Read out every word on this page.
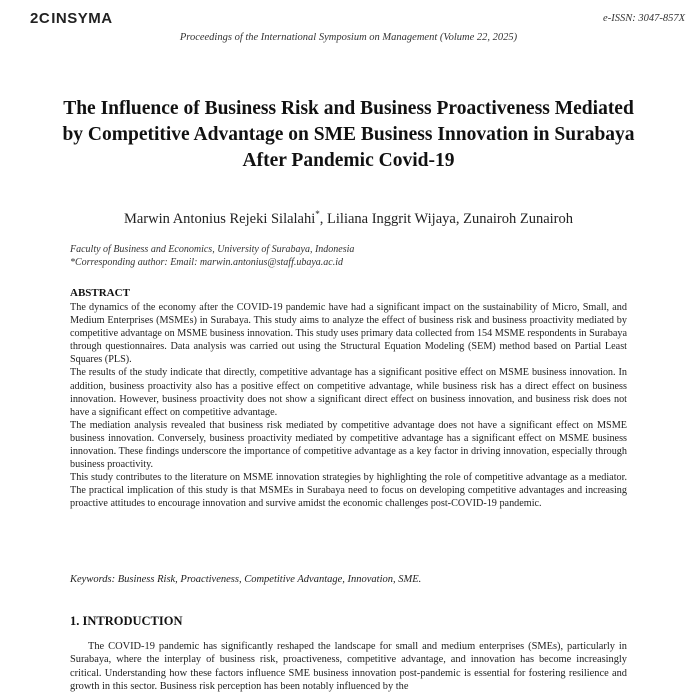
2CINSYMA	e-ISSN: 3047-857X
Proceedings of the International Symposium on Management (Volume 22, 2025)
The Influence of Business Risk and Business Proactiveness Mediated by Competitive Advantage on SME Business Innovation in Surabaya After Pandemic Covid-19
Marwin Antonius Rejeki Silalahi*, Liliana Inggrit Wijaya, Zunairoh Zunairoh
Faculty of Business and Economics, University of Surabaya, Indonesia
*Corresponding author: Email: marwin.antonius@staff.ubaya.ac.id
ABSTRACT

The dynamics of the economy after the COVID-19 pandemic have had a significant impact on the sustainability of Micro, Small, and Medium Enterprises (MSMEs) in Surabaya. This study aims to analyze the effect of business risk and business proactivity mediated by competitive advantage on MSME business innovation. This study uses primary data collected from 154 MSME respondents in Surabaya through questionnaires. Data analysis was carried out using the Structural Equation Modeling (SEM) method based on Partial Least Squares (PLS).

The results of the study indicate that directly, competitive advantage has a significant positive effect on MSME business innovation. In addition, business proactivity also has a positive effect on competitive advantage, while business risk has a direct effect on business innovation. However, business proactivity does not show a significant direct effect on business innovation, and business risk does not have a significant effect on competitive advantage.

The mediation analysis revealed that business risk mediated by competitive advantage does not have a significant effect on MSME business innovation. Conversely, business proactivity mediated by competitive advantage has a significant effect on MSME business innovation. These findings underscore the importance of competitive advantage as a key factor in driving innovation, especially through business proactivity.

This study contributes to the literature on MSME innovation strategies by highlighting the role of competitive advantage as a mediator. The practical implication of this study is that MSMEs in Surabaya need to focus on developing competitive advantages and increasing proactive attitudes to encourage innovation and survive amidst the economic challenges post-COVID-19 pandemic.

Keywords: Business Risk, Proactiveness, Competitive Advantage, Innovation, SME.
1. INTRODUCTION

The COVID-19 pandemic has significantly reshaped the landscape for small and medium enterprises (SMEs), particularly in Surabaya, where the interplay of business risk, proactiveness, competitive advantage, and innovation has become increasingly critical. Understanding how these factors influence SME business innovation post-pandemic is essential for fostering resilience and growth in this sector. Business risk perception has been notably influenced by the
